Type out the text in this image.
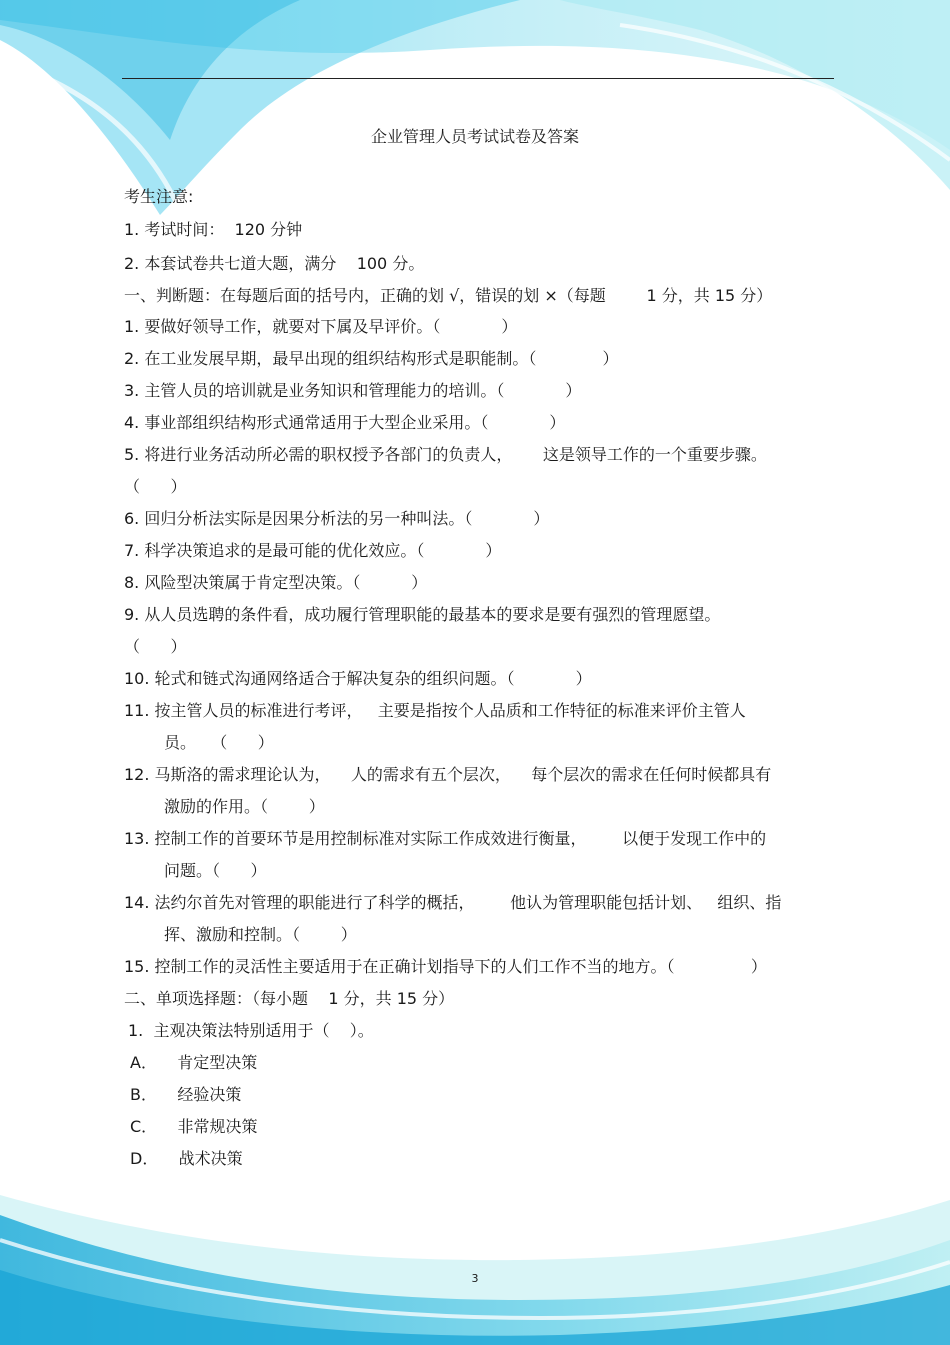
企业管理人员考试试卷及答案
考生注意:
1. 考试时间：  120 分钟
2. 本套试卷共七道大题，满分    100 分。
一、判断题：在每题后面的括号内，正确的划 √，错误的划 ×（每题        1 分，共 15 分）
1. 要做好领导工作，就要对下属及早评价。（            ）
2. 在工业发展早期，最早出现的组织结构形式是职能制。（             ）
3. 主管人员的培训就是业务知识和管理能力的培训。（            ）
4. 事业部组织结构形式通常适用于大型企业采用。（            ）
5. 将进行业务活动所必需的职权授予各部门的负责人，      这是领导工作的一个重要步骤。
（      ）
6. 回归分析法实际是因果分析法的另一种叫法。（            ）
7. 科学决策追求的是最可能的优化效应。（            ）
8. 风险型决策属于肯定型决策。（          ）
9. 从人员选聘的条件看，成功履行管理职能的最基本的要求是要有强烈的管理愿望。
（      ）
10. 轮式和链式沟通网络适合于解决复杂的组织问题。（            ）
11. 按主管人员的标准进行考评，   主要是指按个人品质和工作特征的标准来评价主管人
员。   （      ）
12. 马斯洛的需求理论认为，    人的需求有五个层次，    每个层次的需求在任何时候都具有
激励的作用。（        ）
13. 控制工作的首要环节是用控制标准对实际工作成效进行衡量，       以便于发现工作中的
问题。（      ）
14. 法约尔首先对管理的职能进行了科学的概括，       他认为管理职能包括计划、   组织、指
挥、激励和控制。（        ）
15. 控制工作的灵活性主要适用于在正确计划指导下的人们工作不当的地方。（               ）
二、单项选择题：（每小题    1 分，共 15 分）
1.  主观决策法特别适用于（    ）。
A．    肯定型决策
B．    经验决策
C．    非常规决策
D．    战术决策
3
